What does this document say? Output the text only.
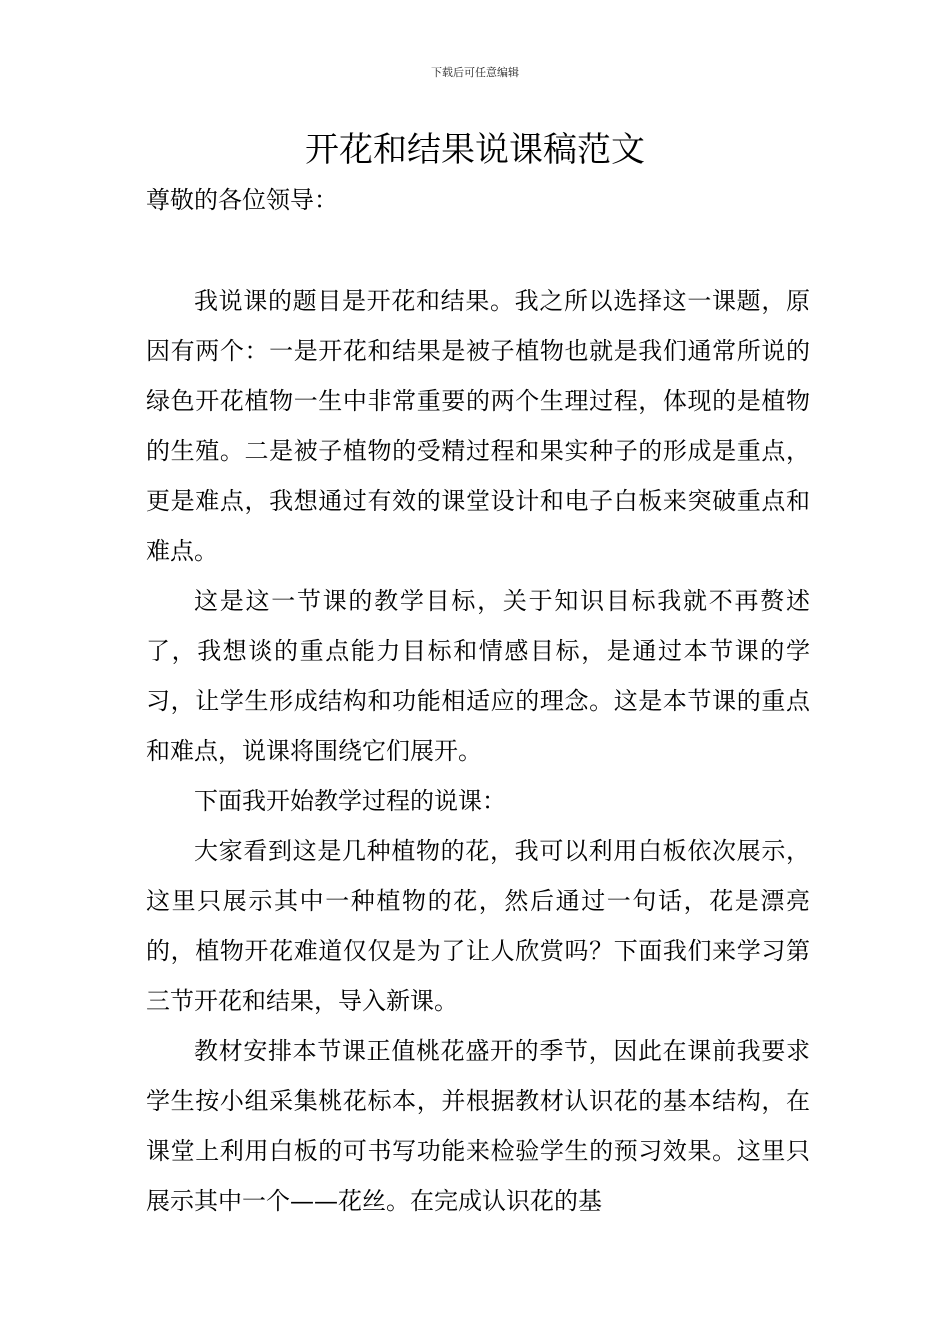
下载后可任意编辑
开花和结果说课稿范文

尊敬的各位领导：

我说课的题目是开花和结果。我之所以选择这一课题，原因有两个：一是开花和结果是被子植物也就是我们通常所说的绿色开花植物一生中非常重要的两个生理过程，体现的是植物的生殖。二是被子植物的受精过程和果实种子的形成是重点，更是难点，我想通过有效的课堂设计和电子白板来突破重点和难点。

这是这一节课的教学目标，关于知识目标我就不再赘述了，我想谈的重点能力目标和情感目标，是通过本节课的学习，让学生形成结构和功能相适应的理念。这是本节课的重点和难点，说课将围绕它们展开。

下面我开始教学过程的说课：

大家看到这是几种植物的花，我可以利用白板依次展示，这里只展示其中一种植物的花，然后通过一句话，花是漂亮的，植物开花难道仅仅是为了让人欣赏吗？下面我们来学习第三节开花和结果，导入新课。

教材安排本节课正值桃花盛开的季节，因此在课前我要求学生按小组采集桃花标本，并根据教材认识花的基本结构，在课堂上利用白板的可书写功能来检验学生的预习效果。这里只展示其中一个——花丝。在完成认识花的基
